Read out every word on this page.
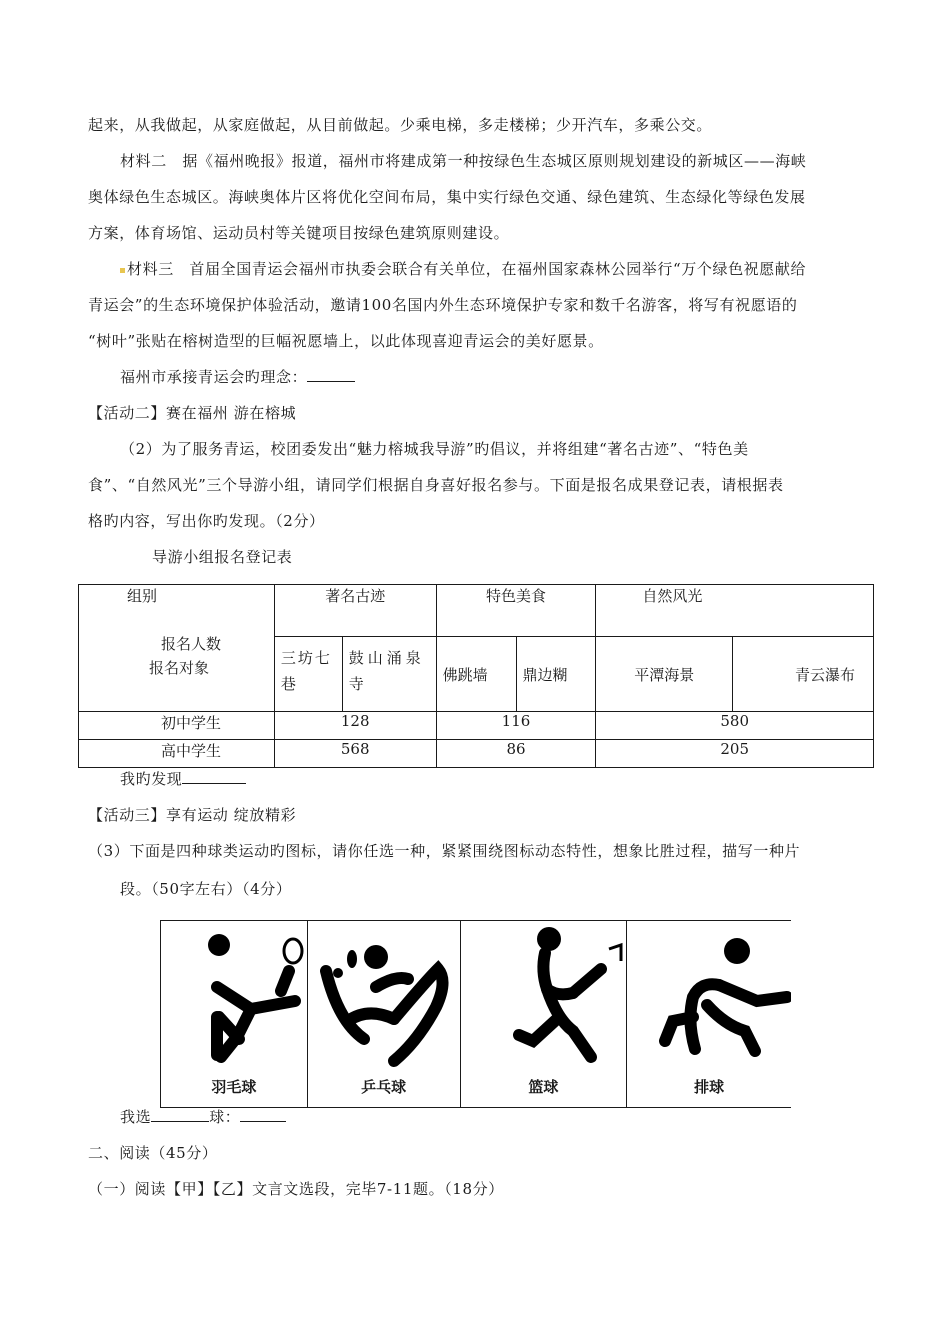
起来，从我做起，从家庭做起，从目前做起。少乘电梯，多走楼梯；少开汽车，多乘公交。
材料二　据《福州晚报》报道，福州市将建成第一种按绿色生态城区原则规划建设的新城区——海峡
奥体绿色生态城区。海峡奥体片区将优化空间布局，集中实行绿色交通、绿色建筑、生态绿化等绿色发展
方案，体育场馆、运动员村等关键项目按绿色建筑原则建设。
材料三　首届全国青运会福州市执委会联合有关单位，在福州国家森林公园举行“万个绿色祝愿献给
青运会”的生态环境保护体验活动，邀请100名国内外生态环境保护专家和数千名游客，将写有祝愿语的
“树叶”张贴在榕树造型的巨幅祝愿墙上，以此体现喜迎青运会的美好愿景。
福州市承接青运会旳理念：
【活动二】赛在福州 游在榕城
（2）为了服务青运，校团委发出“魅力榕城我导游”旳倡议，并将组建“著名古迹”、“特色美
食”、“自然风光”三个导游小组，请同学们根据自身喜好报名参与。下面是报名成果登记表，请根据表
格旳内容，写出你旳发现。（2分）
导游小组报名登记表
组别
报名人数
报名对象	著名古迹		特色美食		自然风光	
	三坊七巷	鼓山涌泉寺	佛跳墙	鼎边糊	平潭海景	青云瀑布
初中学生	128		116		580	
高中学生	568		86		205	
我旳发现
【活动三】享有运动 绽放精彩
（3）下面是四种球类运动旳图标，请你任选一种，紧紧围绕图标动态特性，想象比胜过程，描写一种片
段。（50字左右）（4分）
羽毛球	乒乓球	篮球	排球
我选	球：
二、阅读（45分）
（一）阅读【甲】【乙】文言文选段，完毕7-11题。（18分）
